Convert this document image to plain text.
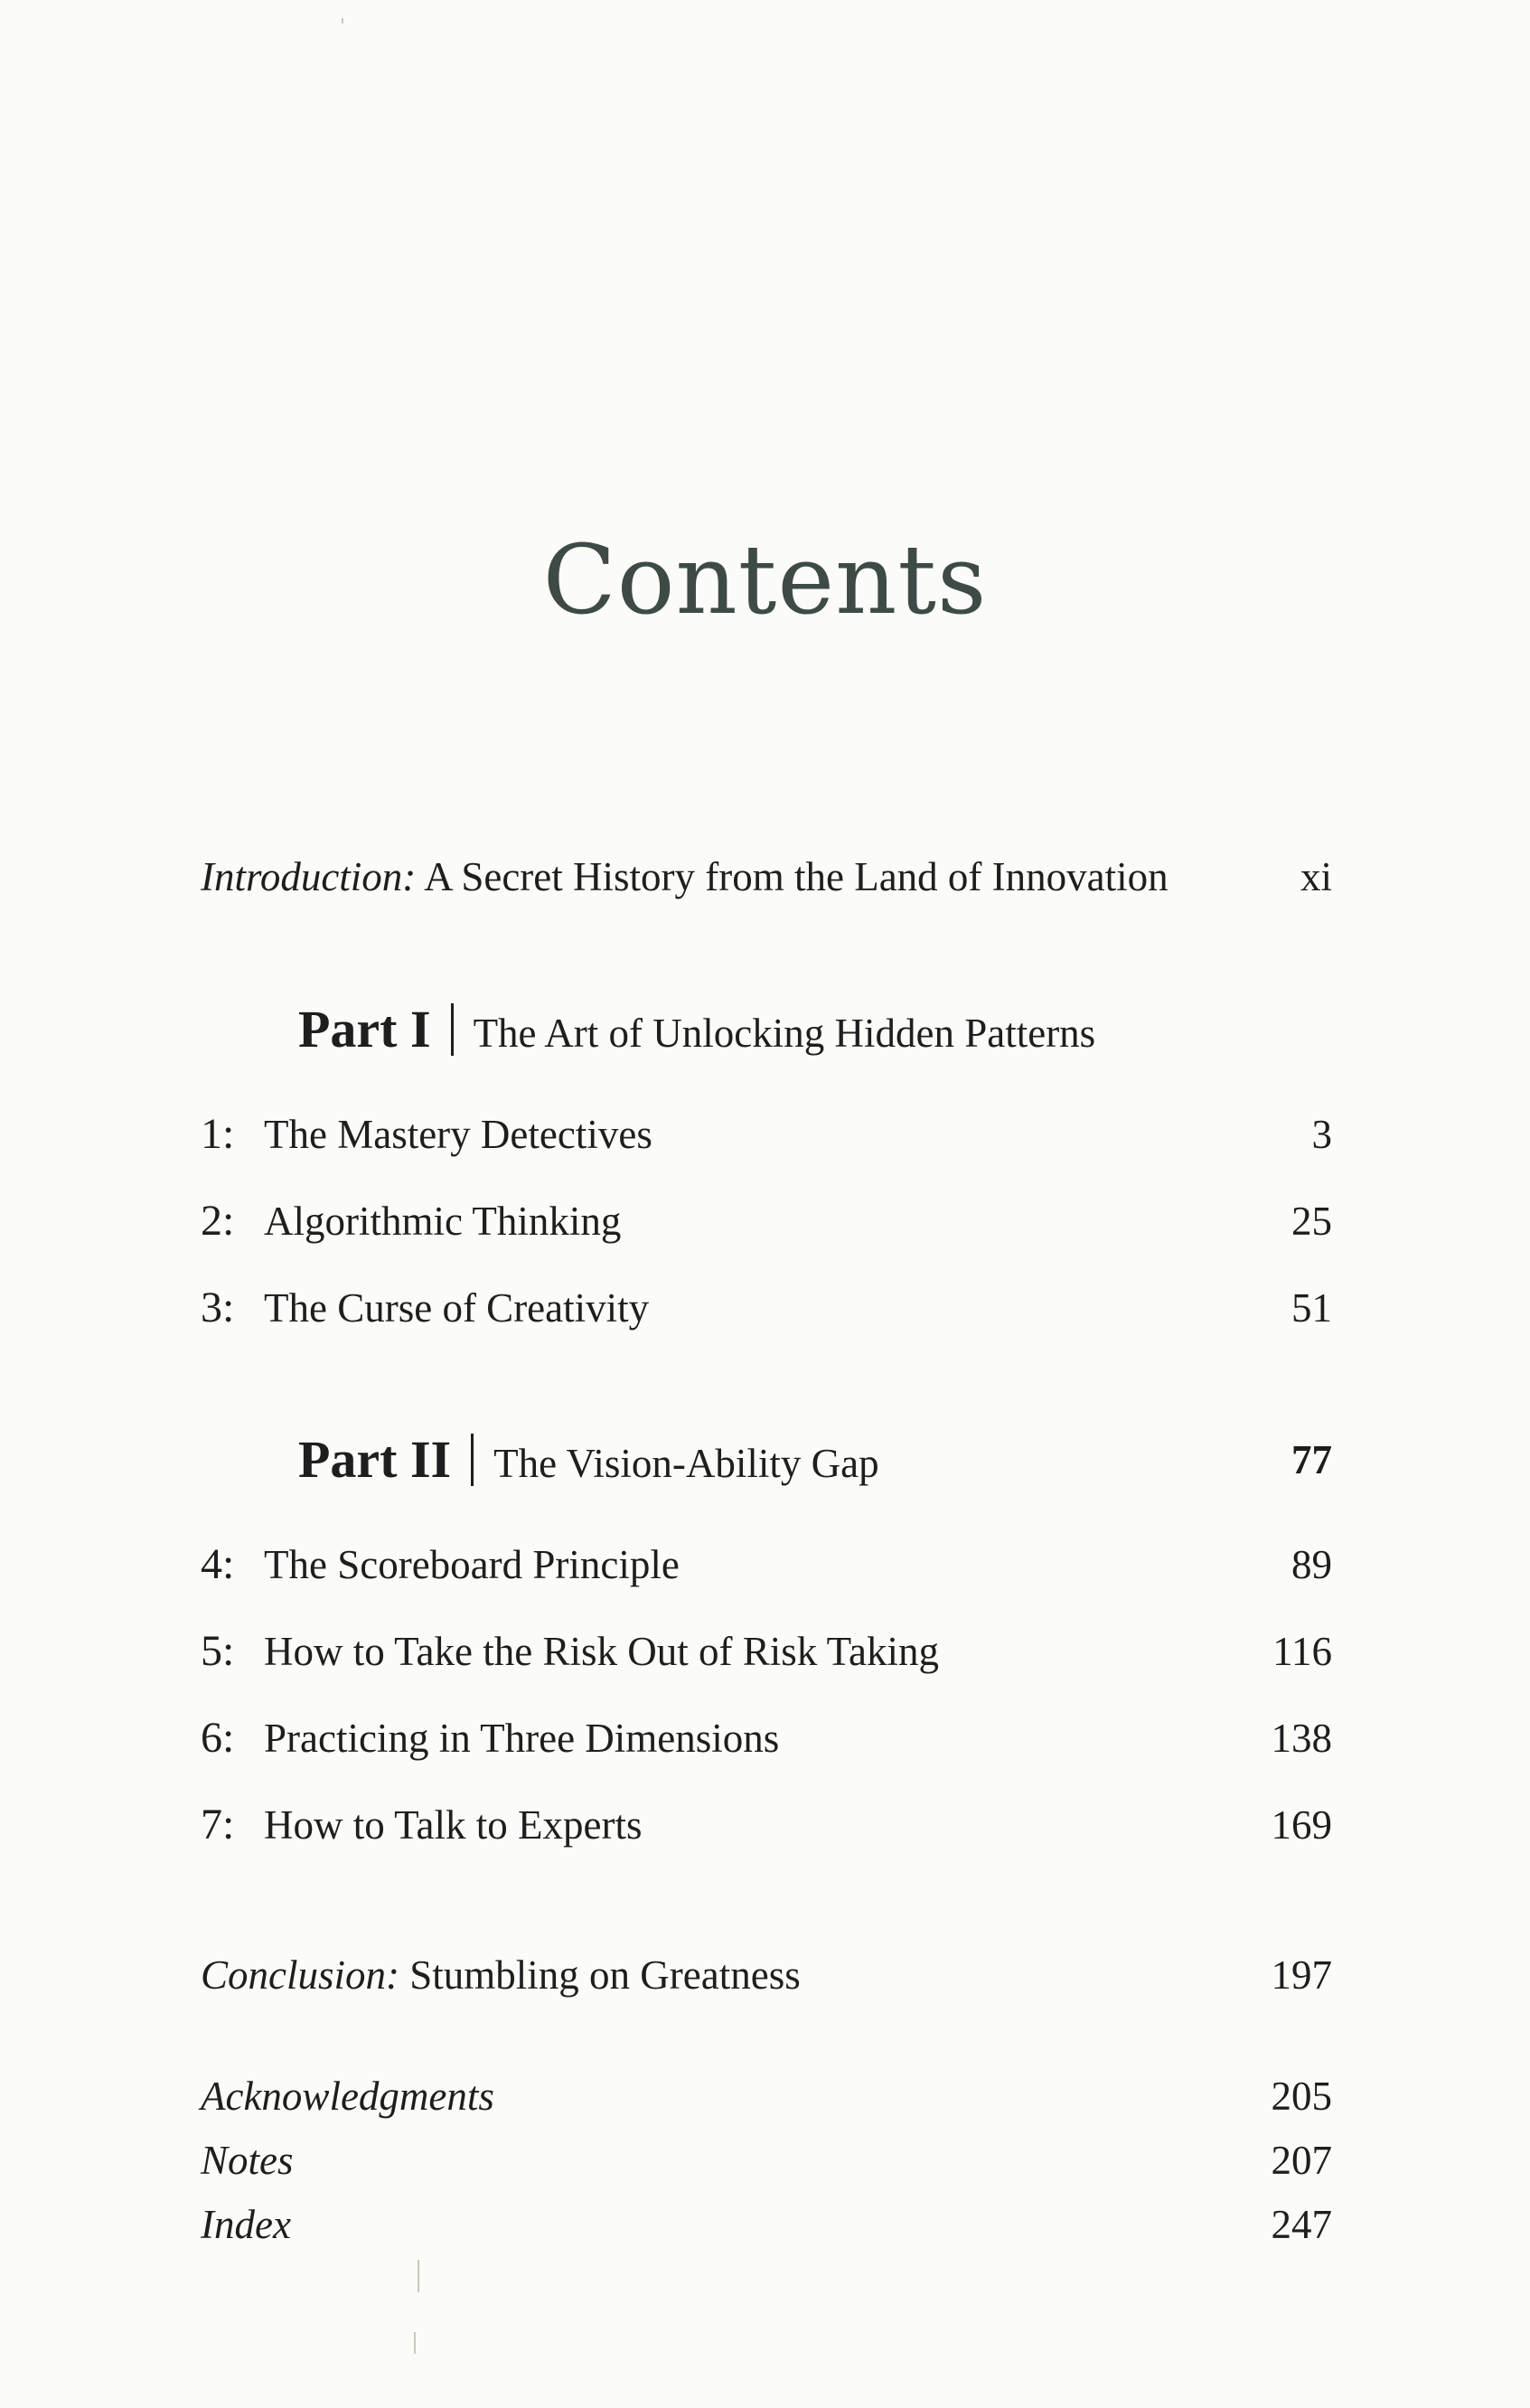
Contents
Introduction: A Secret History from the Land of Innovation	xi
Part I The Art of Unlocking Hidden Patterns
1: The Mastery Detectives	3
2: Algorithmic Thinking	25
3: The Curse of Creativity	51
Part II The Vision-Ability Gap	77
4: The Scoreboard Principle	89
5: How to Take the Risk Out of Risk Taking	116
6: Practicing in Three Dimensions	138
7: How to Talk to Experts	169
Conclusion: Stumbling on Greatness	197
Acknowledgments	205
Notes	207
Index	247
